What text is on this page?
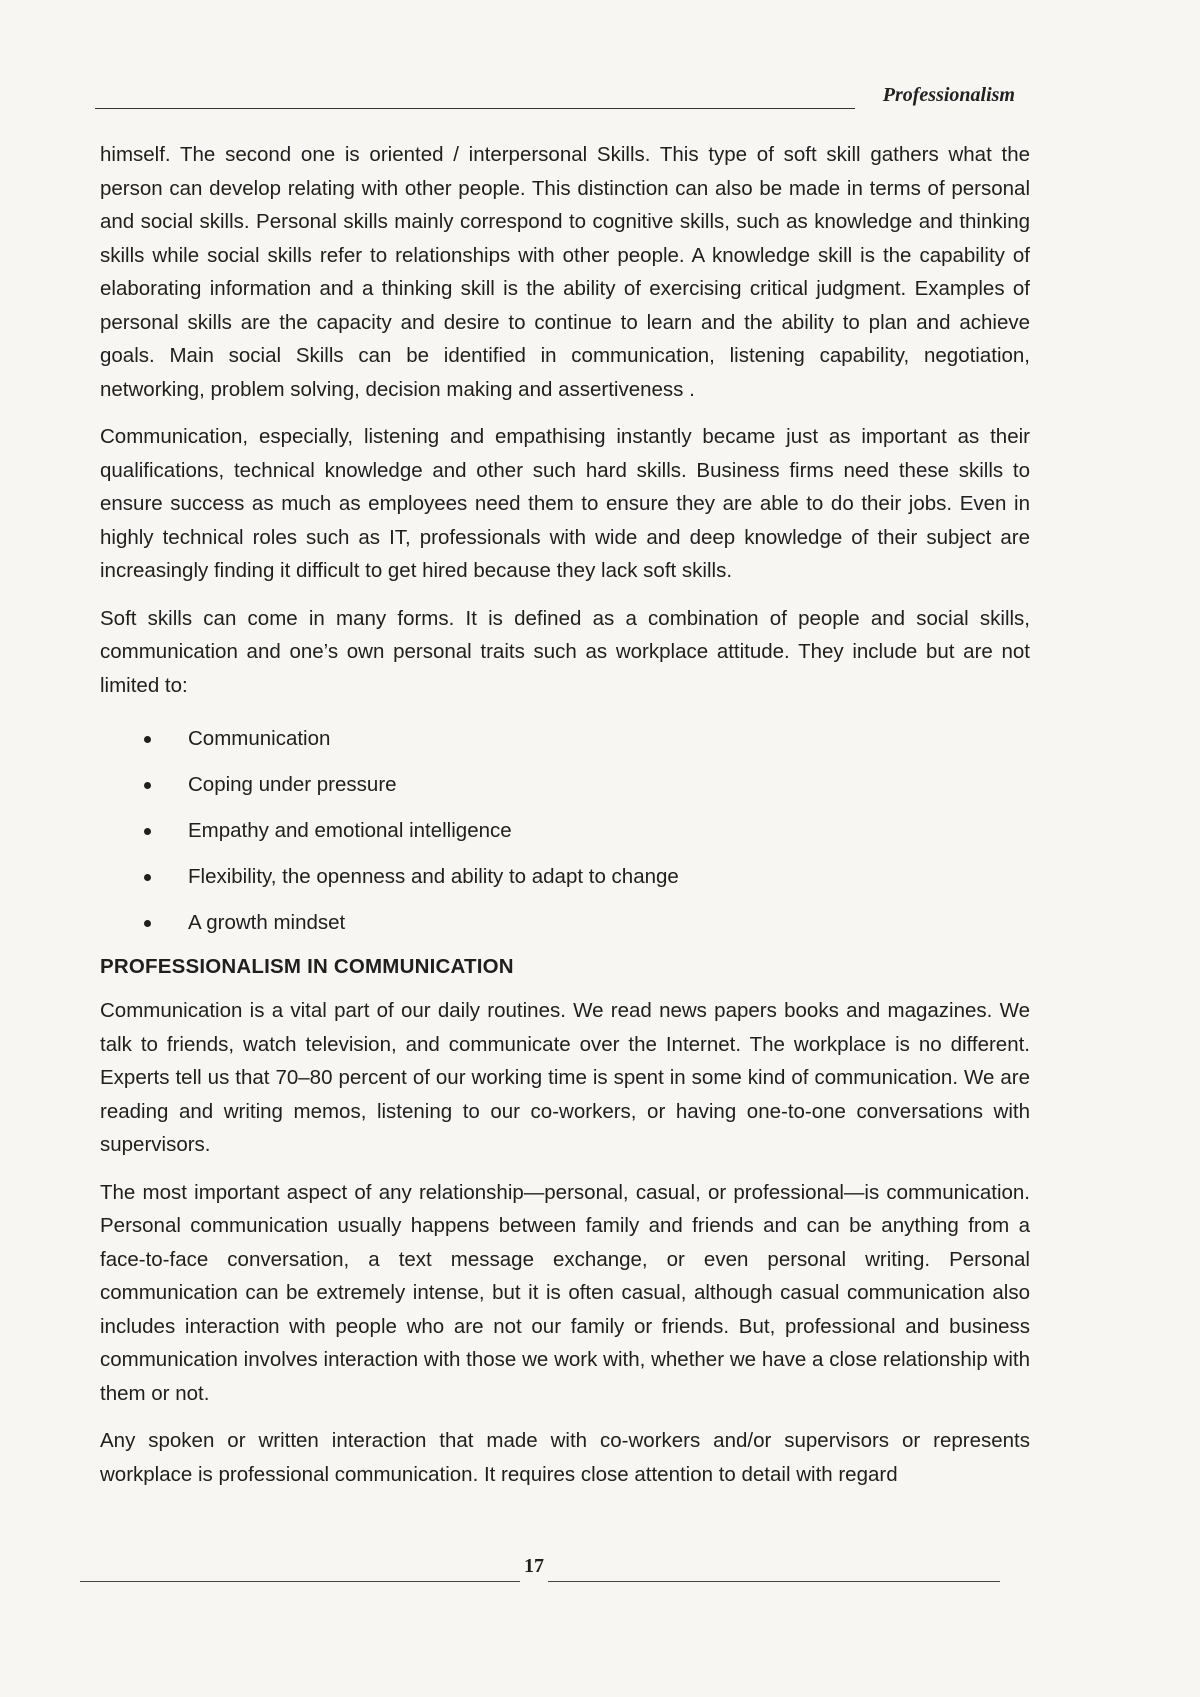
Professionalism

himself. The second one is oriented / interpersonal Skills. This type of soft skill gathers what the person can develop relating with other people. This distinction can also be made in terms of personal and social skills. Personal skills mainly correspond to cognitive skills, such as knowledge and thinking skills while social skills refer to relationships with other people. A knowledge skill is the capability of elaborating information and a thinking skill is the ability of exercising critical judgment. Examples of personal skills are the capacity and desire to continue to learn and the ability to plan and achieve goals. Main social Skills can be identified in communication, listening capability, negotiation, networking, problem solving, decision making and assertiveness .

Communication, especially, listening and empathising instantly became just as important as their qualifications, technical knowledge and other such hard skills. Business firms need these skills to ensure success as much as employees need them to ensure they are able to do their jobs. Even in highly technical roles such as IT, professionals with wide and deep knowledge of their subject are increasingly finding it difficult to get hired because they lack soft skills.

Soft skills can come in many forms. It is defined as a combination of people and social skills, communication and one’s own personal traits such as workplace attitude. They include but are not limited to:

Communication
Coping under pressure
Empathy and emotional intelligence
Flexibility, the openness and ability to adapt to change
A growth mindset
PROFESSIONALISM IN COMMUNICATION

Communication is a vital part of our daily routines. We read news papers books and magazines. We talk to friends, watch television, and communicate over the Internet. The workplace is no different. Experts tell us that 70–80 percent of our working time is spent in some kind of communication. We are reading and writing memos, listening to our co-workers, or having one-to-one conversations with supervisors.

The most important aspect of any relationship—personal, casual, or professional—is communication. Personal communication usually happens between family and friends and can be anything from a face-to-face conversation, a text message exchange, or even personal writing. Personal communication can be extremely intense, but it is often casual, although casual communication also includes interaction with people who are not our family or friends. But, professional and business communication involves interaction with those we work with, whether we have a close relationship with them or not.

Any spoken or written interaction that made with co-workers and/or supervisors or represents workplace is professional communication. It requires close attention to detail with regard

17
